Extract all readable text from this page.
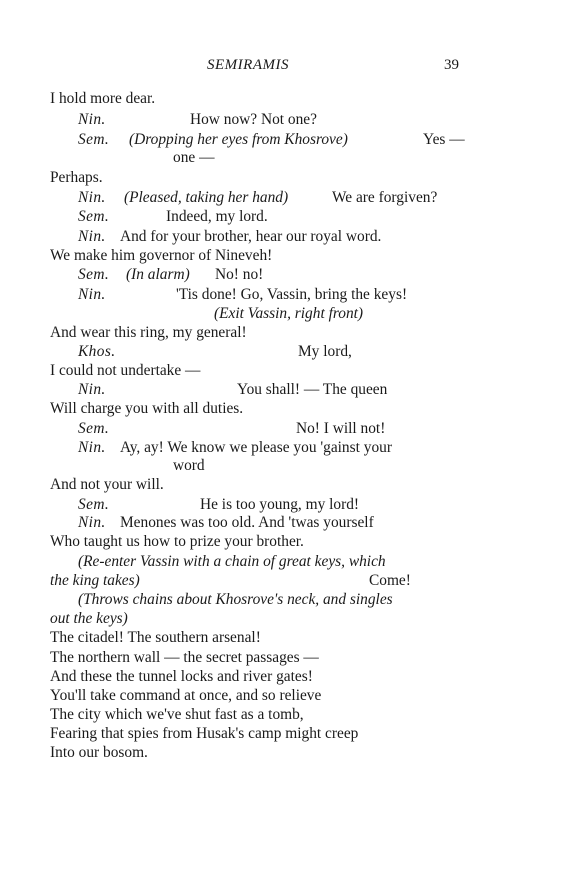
SEMIRAMIS	39
I hold more dear.
Nin.	How now? Not one?
Sem. (Dropping her eyes from Khosrove)	Yes —
one —
Perhaps.
Nin. (Pleased, taking her hand)	We are forgiven?
Sem.	Indeed, my lord.
Nin. And for your brother, hear our royal word.
We make him governor of Nineveh!
Sem. (In alarm) No! no!
Nin.	'Tis done! Go, Vassin, bring the keys!
(Exit Vassin, right front)
And wear this ring, my general!
Khos.	My lord,
I could not undertake —
Nin.	You shall! — The queen
Will charge you with all duties.
Sem.	No! I will not!
Nin. Ay, ay! We know we please you 'gainst your
word
And not your will.
Sem.	He is too young, my lord!
Nin. Menones was too old. And 'twas yourself
Who taught us how to prize your brother.
(Re-enter Vassin with a chain of great keys, which
the king takes)	Come!
(Throws chains about Khosrove's neck, and singles
out the keys)
The citadel! The southern arsenal!
The northern wall — the secret passages —
And these the tunnel locks and river gates!
You'll take command at once, and so relieve
The city which we've shut fast as a tomb,
Fearing that spies from Husak's camp might creep
Into our bosom.
